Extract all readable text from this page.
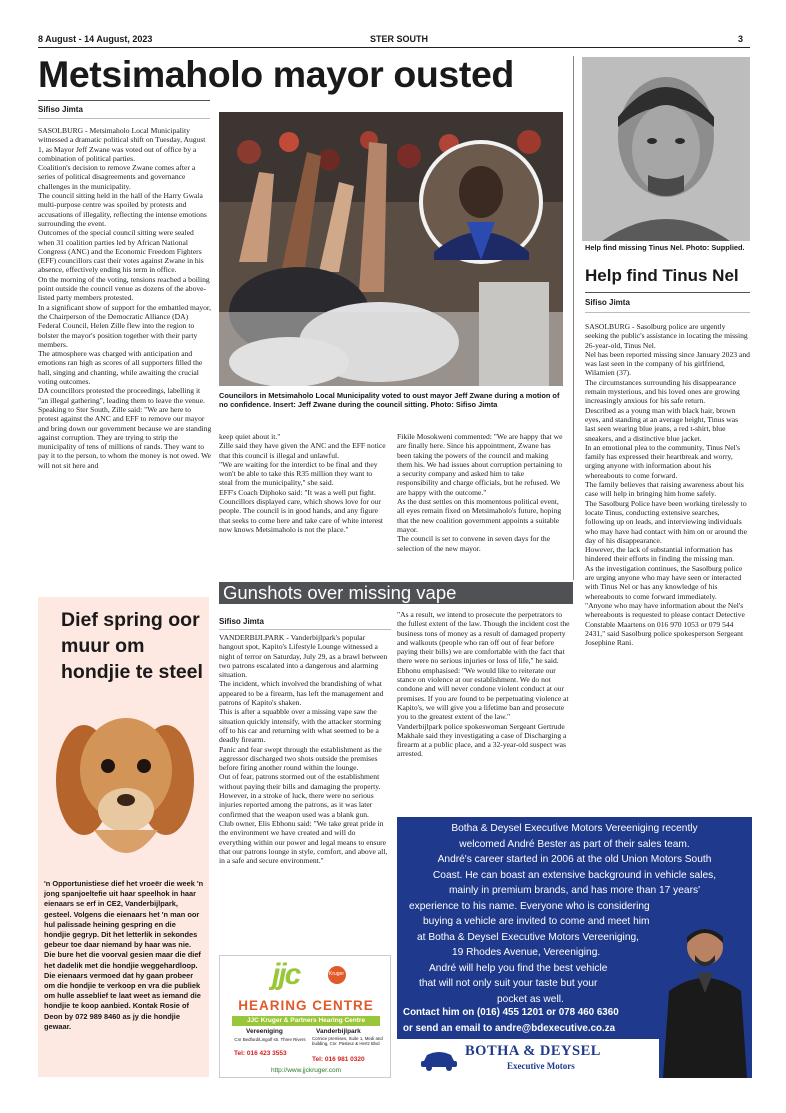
8 August - 14 August, 2023	STER SOUTH	3
Metsimaholo mayor ousted
Sifiso Jimta
SASOLBURG - Metsimaholo Local Municipality witnessed a dramatic political shift on Tuesday, August 1, as Mayor Jeff Zwane was voted out of office by a combination of political parties.
Coalition's decision to remove Zwane comes after a series of political disagreements and governance challenges in the municipality.
The council sitting held in the hall of the Harry Gwala multi-purpose centre was spoiled by protests and accusations of illegality, reflecting the intense emotions surrounding the event.
Outcomes of the special council sitting were sealed when 31 coalition parties led by African National Congress (ANC) and the Economic Freedom Fighters (EFF) councillors cast their votes against Zwane in his absence, effectively ending his term in office.
On the morning of the voting, tensions reached a boiling point outside the council venue as dozens of the above-listed party members protested.
In a significant show of support for the embattled mayor, the Chairperson of the Democratic Alliance (DA) Federal Council, Helen Zille flew into the region to bolster the mayor's position together with their party members.
The atmosphere was charged with anticipation and emotions ran high as scores of all supporters filled the hall, singing and chanting, while awaiting the crucial voting outcomes.
DA councillors protested the proceedings, labelling it "an illegal gathering", leading them to leave the venue.
Speaking to Ster South, Zille said: "We are here to protest against the ANC and EFF to remove our mayor and bring down our government because we are standing against corruption. They are trying to strip the municipality of tens of millions of rands. They want to pay it to the person, to whom the money is not owed. We will not sit here and
Councilors in Metsimaholo Local Municipality voted to oust mayor Jeff Zwane during a motion of no confidence. Insert: Jeff Zwane during the council sitting. Photo: Sifiso Jimta
keep quiet about it."
Zille said they have given the ANC and the EFF notice that this council is illegal and unlawful.
"We are waiting for the interdict to be final and they won't be able to take this R35 million they want to steal from the municipality," she said.
EFF's Coach Diphoko said: "It was a well put fight. Councillors displayed care, which shows love for our people. The council is in good hands, and any figure that seeks to come here and take care of white interest now knows Metsimaholo is not the place."
Fikile Mosokweni commented: "We are happy that we are finally here. Since his appointment, Zwane has been taking the powers of the council and making them his. We had issues about corruption pertaining to a security company and asked him to take responsibility and charge officials, but he refused. We are happy with the outcome."
As the dust settles on this momentous political event, all eyes remain fixed on Metsimaholo's future, hoping that the new coalition government appoints a suitable mayor.
The council is set to convene in seven days for the selection of the new mayor.
Help find missing Tinus Nel. Photo: Supplied.
Help find Tinus Nel
Sifiso Jimta
SASOLBURG - Sasolburg police are urgently seeking the public's assistance in locating the missing 26-year-old, Tinus Nel.
Nel has been reported missing since January 2023 and was last seen in the company of his girlfriend, Wilamien (37).
The circumstances surrounding his disappearance remain mysterious, and his loved ones are growing increasingly anxious for his safe return.
Described as a young man with black hair, brown eyes, and standing at an average height, Tinus was last seen wearing blue jeans, a red t-shirt, blue sneakers, and a distinctive blue jacket.
In an emotional plea to the community, Tinus Nel's family has expressed their heartbreak and worry, urging anyone with information about his whereabouts to come forward.
The family believes that raising awareness about his case will help in bringing him home safely.
The Sasolburg Police have been working tirelessly to locate Tinus, conducting extensive searches, following up on leads, and interviewing individuals who may have had contact with him on or around the day of his disappearance.
However, the lack of substantial information has hindered their efforts in finding the missing man.
As the investigation continues, the Sasolburg police are urging anyone who may have seen or interacted with Tinus Nel or has any knowledge of his whereabouts to come forward immediately.
"Anyone who may have information about the Nel's whereabouts is requested to please contact Detective Constable Maartens on 016 970 1053 or 079 544 2431," said Sasolburg police spokesperson Sergeant Josephine Rani.
Gunshots over missing vape
Sifiso Jimta
VANDERBIJLPARK - Vanderbijlpark's popular hangout spot, Kapito's Lifestyle Lounge witnessed a night of terror on Saturday, July 29, as a brawl between two patrons escalated into a dangerous and alarming situation.
The incident, which involved the brandishing of what appeared to be a firearm, has left the management and patrons of Kapito's shaken.
This is after a squabble over a missing vape saw the situation quickly intensify, with the attacker storming off to his car and returning with what seemed to be a deadly firearm.
Panic and fear swept through the establishment as the aggressor discharged two shots outside the premises before firing another round within the lounge.
Out of fear, patrons stormed out of the establishment without paying their bills and damaging the property.
However, in a stroke of luck, there were no serious injuries reported among the patrons, as it was later confirmed that the weapon used was a blank gun.
Club owner, Elis Ebhonu said: "We take great pride in the environment we have created and will do everything within our power and legal means to ensure that our patrons lounge in style, comfort, and above all, in a safe and secure environment."
"As a result, we intend to prosecute the perpetrators to the fullest extent of the law. Though the incident cost the business tons of money as a result of damaged property and walkouts (people who ran off out of fear before paying their bills) we are comfortable with the fact that there were no serious injuries or loss of life," he said.
Ebhonu emphasised: "We would like to reiterate our stance on violence at our establishment. We do not condone and will never condone violent conduct at our premises. If you are found to be perpetuating violence at Kapito's, we will give you a lifetime ban and prosecute you to the greatest extent of the law."
Vanderbijlpark police spokeswoman Sergeant Gertrude Makhale said they investigating a case of Discharging a firearm at a public place, and a 32-year-old suspect was arrested.
Dief spring oor muur om hondjie te steel
'n Opportunistiese dief het vroeër die week 'n jong spanjoeltefie uit haar speelhok in haar eienaars se erf in CE2, Vanderbijlpark, gesteel. Volgens die eienaars het 'n man oor hul palissade heining gespring en die hondjie gegryp. Dit het letterlik in sekondes gebeur toe daar niemand by haar was nie. Die bure het die voorval gesien maar die dief het dadelik met die hondjie weggehardloop. Die eienaars vermoed dat hy gaan probeer om die hondjie te verkoop en vra die publiek om hulle asseblief te laat weet as iemand die hondjie te koop aanbied. Kontak Rosie of Deon by 072 989 8460 as jy die hondjie gewaar.
jjc	Kruger
HEARING CENTRE
JJC Kruger & Partners Hearing Centre
Vereeniging
Cnr Bedford/Lingolf str. Three Rivers
Tel: 016 423 3553
Vanderbijlpark
Cornice premises, Suite 1, Medi and building, Cnr. Pasteur & Hertz Blvd
Tel: 016 981 0320
http://www.jjckruger.com
Botha & Deysel Executive Motors Vereeniging recently
welcomed André Bester as part of their sales team.
André's career started in 2006 at the old Union Motors South
Coast. He can boast an extensive background in vehicle sales,
mainly in premium brands, and has more than 17 years'
experience to his name. Everyone who is considering
buying a vehicle are invited to come and meet him
at Botha & Deysel Executive Motors Vereeniging,
19 Rhodes Avenue, Vereeniging.
André will help you find the best vehicle
that will not only suit your taste but your
pocket as well.
Contact him on (016) 455 1201 or 078 460 6360
or send an email to andre@bdexecutive.co.za
BOTHA & DEYSEL
Executive Motors
